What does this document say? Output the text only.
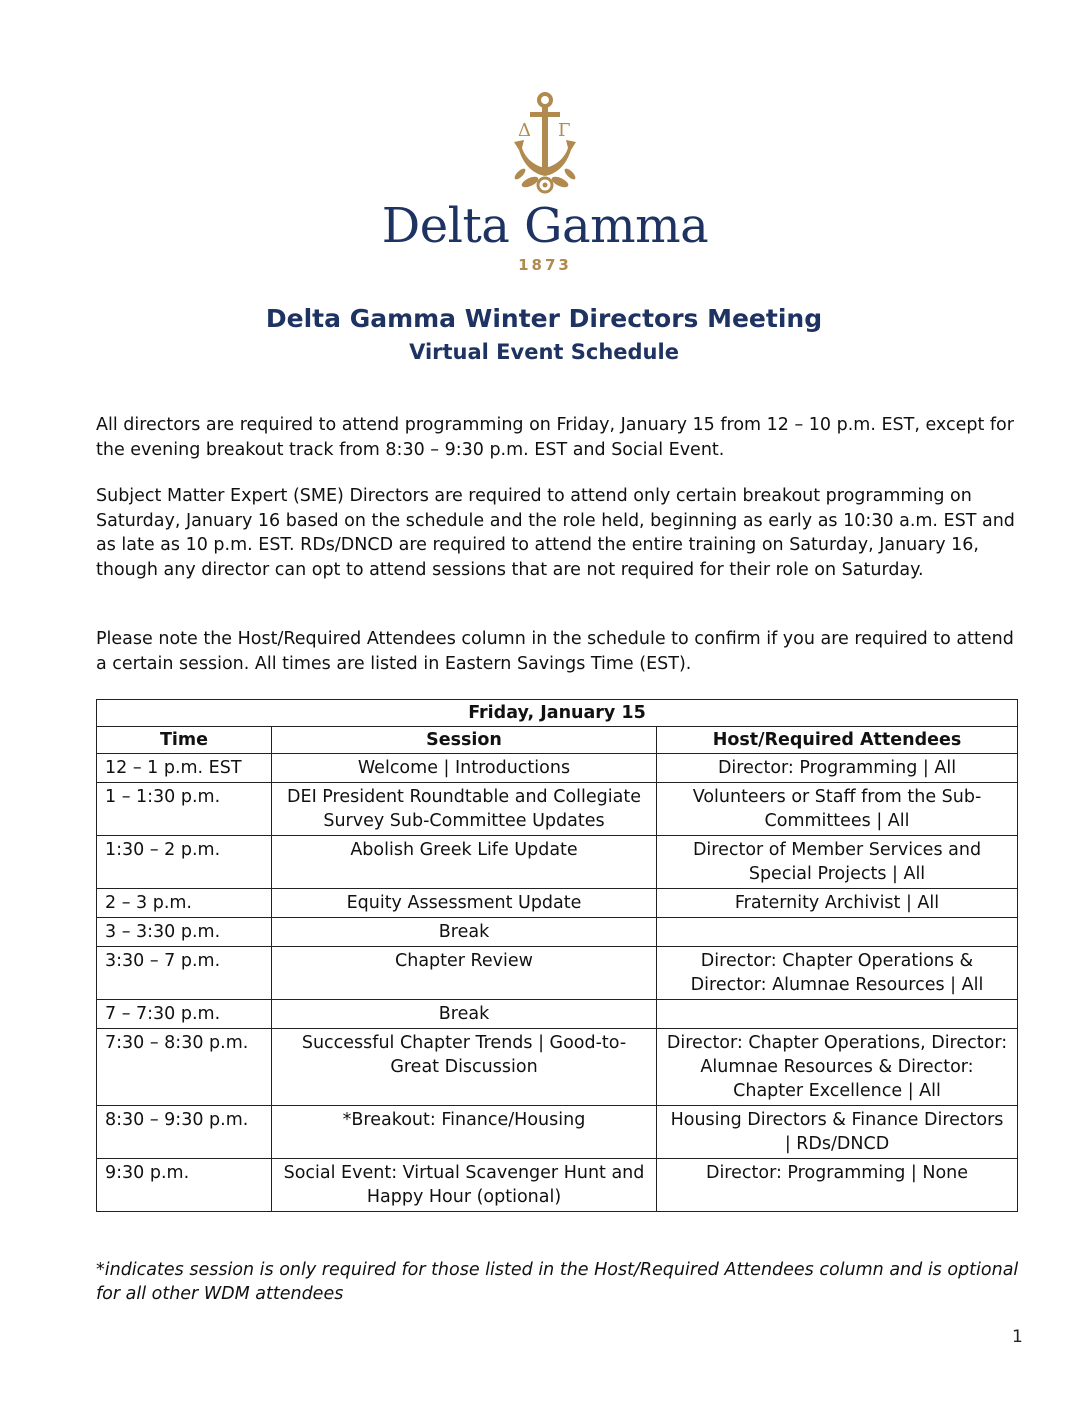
Δ Γ
Delta Gamma
1873
Delta Gamma Winter Directors Meeting
Virtual Event Schedule
All directors are required to attend programming on Friday, January 15 from 12 – 10 p.m. EST, except for the evening breakout track from 8:30 – 9:30 p.m. EST and Social Event.
Subject Matter Expert (SME) Directors are required to attend only certain breakout programming on Saturday, January 16 based on the schedule and the role held, beginning as early as 10:30 a.m. EST and as late as 10 p.m. EST. RDs/DNCD are required to attend the entire training on Saturday, January 16, though any director can opt to attend sessions that are not required for their role on Saturday.
Please note the Host/Required Attendees column in the schedule to confirm if you are required to attend a certain session. All times are listed in Eastern Savings Time (EST).
Friday, January 15		
Time	Session	Host/Required Attendees
12 – 1 p.m. EST	Welcome | Introductions	Director: Programming | All
1 – 1:30 p.m.	DEI President Roundtable and Collegiate Survey Sub-Committee Updates	Volunteers or Staff from the Sub-Committees | All
1:30 – 2 p.m.	Abolish Greek Life Update	Director of Member Services and Special Projects | All
2 – 3 p.m.	Equity Assessment Update	Fraternity Archivist | All
3 – 3:30 p.m.	Break	
3:30 – 7 p.m.	Chapter Review	Director: Chapter Operations & Director: Alumnae Resources | All
7 – 7:30 p.m.	Break	
7:30 – 8:30 p.m.	Successful Chapter Trends | Good-to-Great Discussion	Director: Chapter Operations, Director: Alumnae Resources & Director: Chapter Excellence | All
8:30 – 9:30 p.m.	*Breakout: Finance/Housing	Housing Directors & Finance Directors | RDs/DNCD
9:30 p.m.	Social Event: Virtual Scavenger Hunt and Happy Hour (optional)	Director: Programming | None
*indicates session is only required for those listed in the Host/Required Attendees column and is optional for all other WDM attendees
1
